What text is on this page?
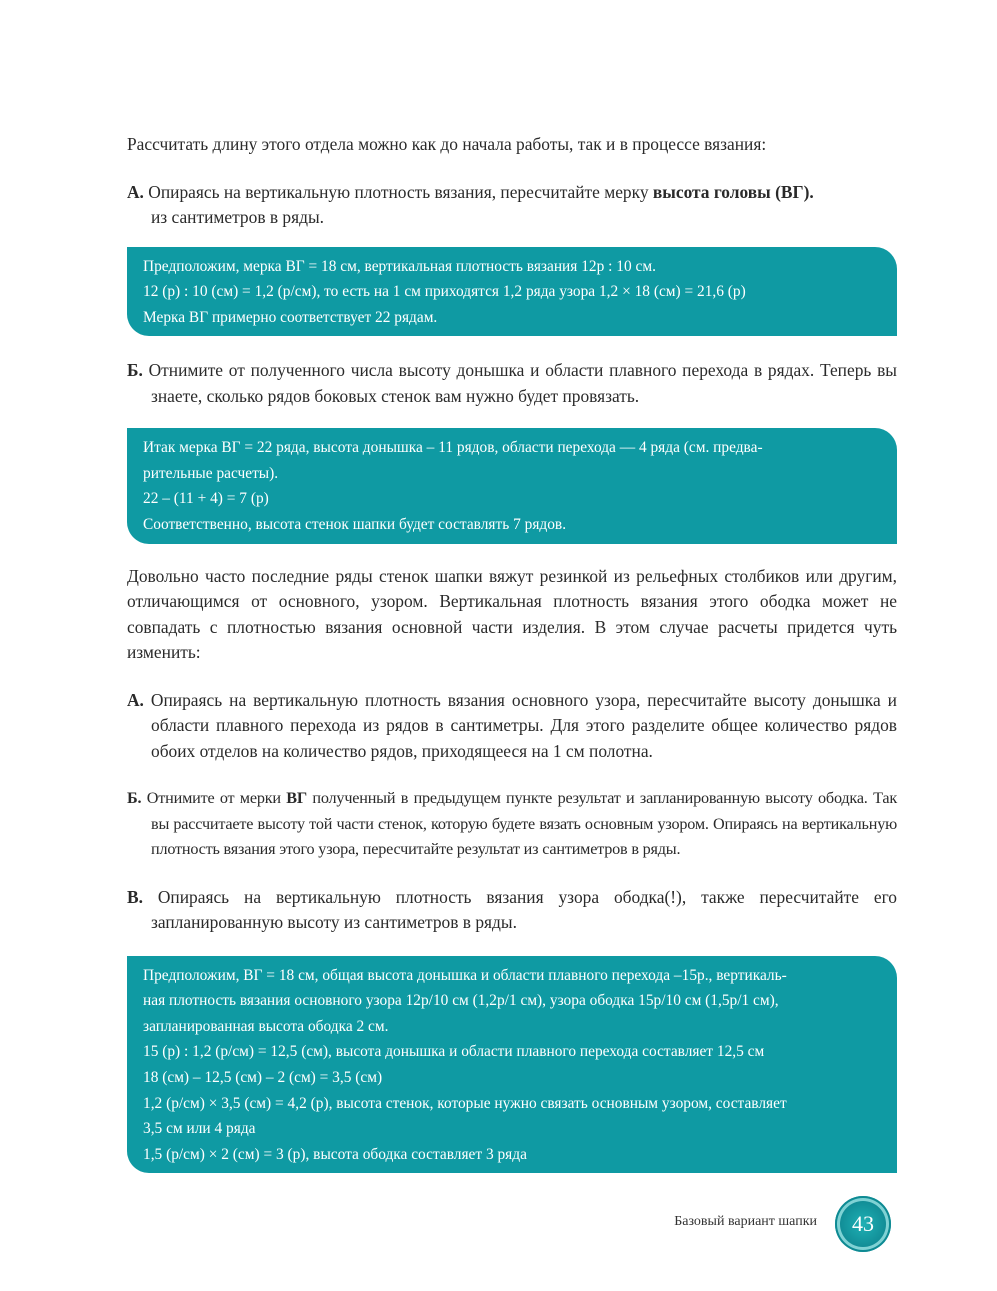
Рассчитать длину этого отдела можно как до начала работы, так и в процессе вязания:

А. Опираясь на вертикальную плотность вязания, пересчитайте мерку высота головы (ВГ).
из сантиметров в ряды.

Предположим, мерка ВГ = 18 см, вертикальная плотность вязания 12р : 10 см.
12 (р) : 10 (см) = 1,2 (р/см), то есть на 1 см приходятся 1,2 ряда узора 1,2 × 18 (см) = 21,6 (р)
Мерка ВГ примерно соответствует 22 рядам.

Б. Отнимите от полученного числа высоту донышка и области плавного перехода в рядах. Теперь вы знаете, сколько рядов боковых стенок вам нужно будет провязать.

Итак мерка ВГ = 22 ряда, высота донышка – 11 рядов, области перехода — 4 ряда (см. предва-
рительные расчеты).
22 – (11 + 4) = 7 (р)
Соответственно, высота стенок шапки будет составлять 7 рядов.

Довольно часто последние ряды стенок шапки вяжут резинкой из рельефных столбиков или другим, отличающимся от основного, узором. Вертикальная плотность вязания этого ободка может не совпадать с плотностью вязания основной части изделия. В этом случае расчеты придется чуть изменить:

А. Опираясь на вертикальную плотность вязания основного узора, пересчитайте высоту донышка и области плавного перехода из рядов в сантиметры. Для этого разделите общее количество рядов обоих отделов на количество рядов, приходящееся на 1 см полотна.

Б. Отнимите от мерки ВГ полученный в предыдущем пункте результат и запланированную высоту ободка. Так вы рассчитаете высоту той части стенок, которую будете вязать основным узором. Опираясь на вертикальную плотность вязания этого узора, пересчитайте результат из сантиметров в ряды.

В. Опираясь на вертикальную плотность вязания узора ободка(!), также пересчитайте его запланированную высоту из сантиметров в ряды.

Предположим, ВГ = 18 см, общая высота донышка и области плавного перехода –15р., вертикаль-
ная плотность вязания основного узора 12р/10 см (1,2р/1 см), узора ободка 15р/10 см (1,5р/1 см),
запланированная высота ободка 2 см.
15 (р) : 1,2 (р/см) = 12,5 (см), высота донышка и области плавного перехода составляет 12,5 см
18 (см) – 12,5 (см) – 2 (см) = 3,5 (см)
1,2 (р/см) × 3,5 (см) = 4,2 (р), высота стенок, которые нужно связать основным узором, составляет
3,5 см или 4 ряда
1,5 (р/см) × 2 (см) = 3 (р), высота ободка составляет 3 ряда
Базовый вариант шапки 43
